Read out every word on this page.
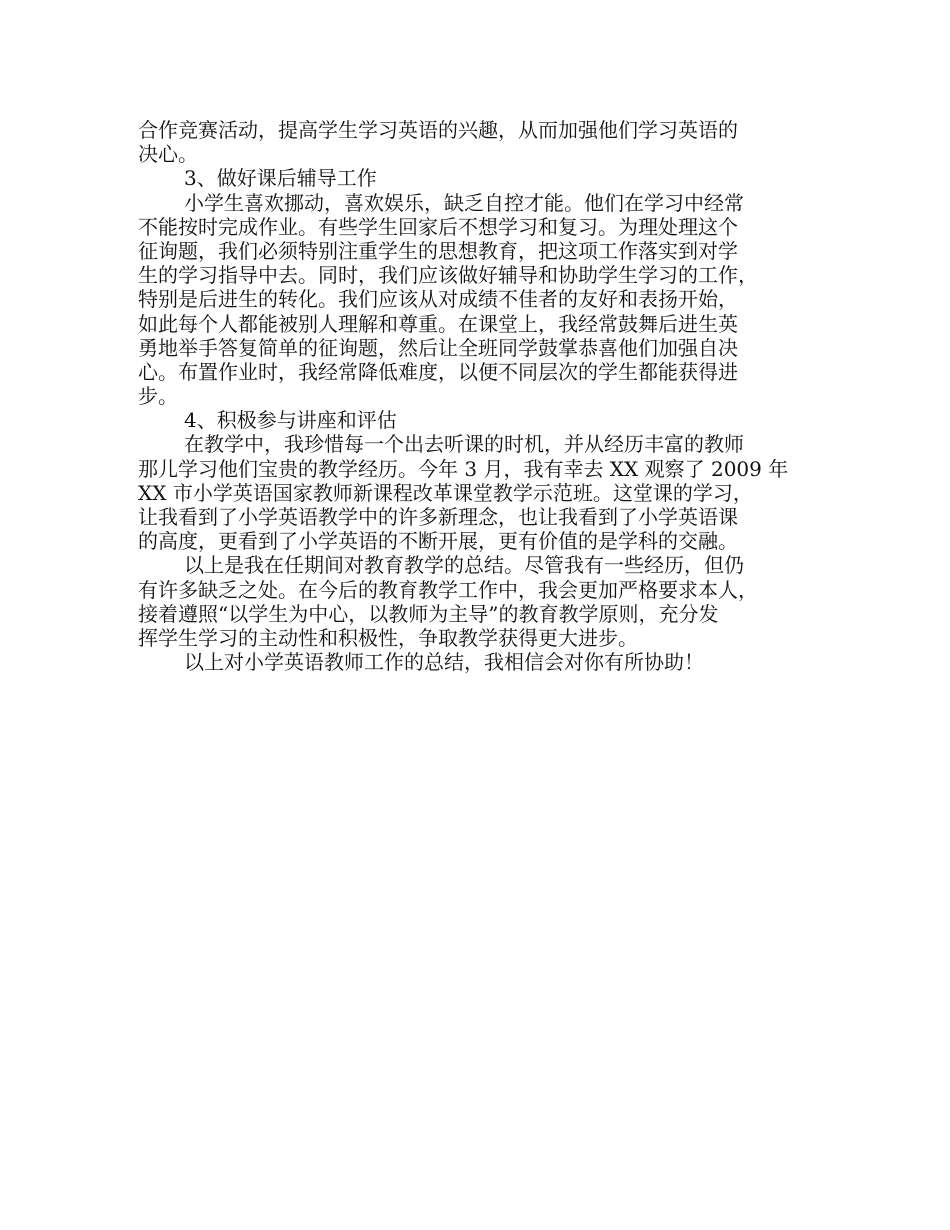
合作竞赛活动，提高学生学习英语的兴趣，从而加强他们学习英语的
决心。
3、做好课后辅导工作
小学生喜欢挪动，喜欢娱乐，缺乏自控才能。他们在学习中经常
不能按时完成作业。有些学生回家后不想学习和复习。为理处理这个
征询题，我们必须特别注重学生的思想教育，把这项工作落实到对学
生的学习指导中去。同时，我们应该做好辅导和协助学生学习的工作，
特别是后进生的转化。我们应该从对成绩不佳者的友好和表扬开始，
如此每个人都能被别人理解和尊重。在课堂上，我经常鼓舞后进生英
勇地举手答复简单的征询题，然后让全班同学鼓掌恭喜他们加强自决
心。布置作业时，我经常降低难度，以便不同层次的学生都能获得进
步。
4、积极参与讲座和评估
在教学中，我珍惜每一个出去听课的时机，并从经历丰富的教师
那儿学习他们宝贵的教学经历。今年 3 月，我有幸去 XX 观察了 2009 年
XX 市小学英语国家教师新课程改革课堂教学示范班。这堂课的学习，
让我看到了小学英语教学中的许多新理念，也让我看到了小学英语课
的高度，更看到了小学英语的不断开展，更有价值的是学科的交融。
以上是我在任期间对教育教学的总结。尽管我有一些经历，但仍
有许多缺乏之处。在今后的教育教学工作中，我会更加严格要求本人，
接着遵照“以学生为中心，以教师为主导”的教育教学原则，充分发
挥学生学习的主动性和积极性，争取教学获得更大进步。
以上对小学英语教师工作的总结，我相信会对你有所协助！
